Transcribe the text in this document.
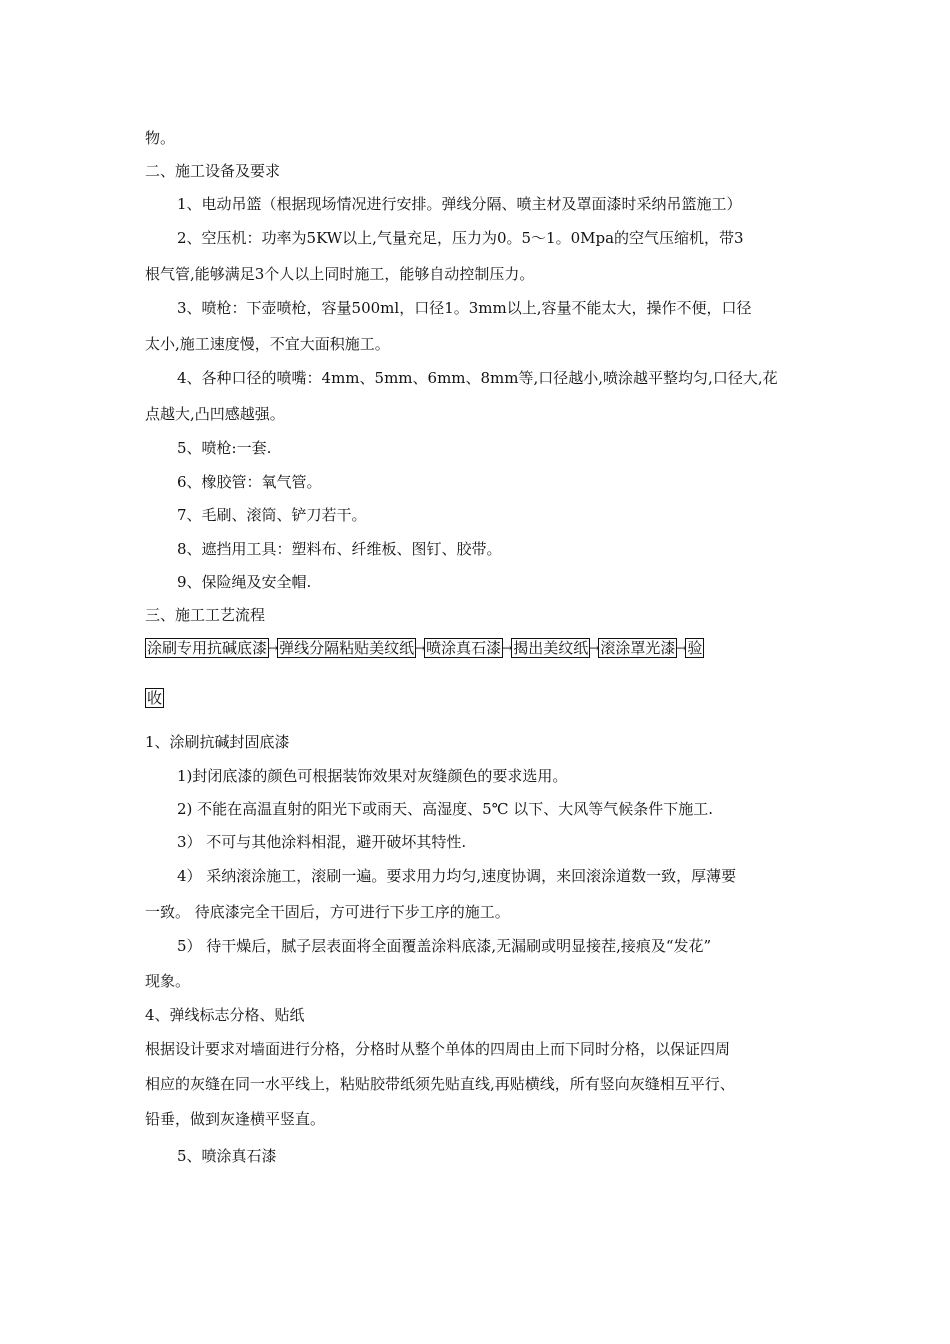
物。
二、施工设备及要求
1、电动吊篮（根据现场情况进行安排。弹线分隔、喷主材及罩面漆时采纳吊篮施工）
2、空压机：功率为5KW以上,气量充足，压力为0。5～1。0Mpa的空气压缩机，带3
根气管,能够满足3个人以上同时施工，能够自动控制压力。
3、喷枪：下壶喷枪，容量500ml，口径1。3mm以上,容量不能太大，操作不便，口径
太小,施工速度慢，不宜大面积施工。
4、各种口径的喷嘴：4mm、5mm、6mm、8mm等,口径越小,喷涂越平整均匀,口径大,花
点越大,凸凹感越强。
5、喷枪:一套.
6、橡胶管：氧气管。
7、毛刷、滚筒、铲刀若干。
8、遮挡用工具：塑料布、纤维板、图钉、胶带。
9、保险绳及安全帽.
三、施工工艺流程
涂刷专用抗碱底漆→弹线分隔粘贴美纹纸→喷涂真石漆→揭出美纹纸→滚涂罩光漆→验
收
1、涂刷抗碱封固底漆
1)封闭底漆的颜色可根据装饰效果对灰缝颜色的要求选用。
2) 不能在高温直射的阳光下或雨天、高湿度、5℃ 以下、大风等气候条件下施工.
3） 不可与其他涂料相混，避开破坏其特性.
4） 采纳滚涂施工，滚刷一遍。要求用力均匀,速度协调，来回滚涂道数一致，厚薄要
一致。 待底漆完全干固后，方可进行下步工序的施工。
5） 待干燥后，腻子层表面将全面覆盖涂料底漆,无漏刷或明显接茬,接痕及“发花”
现象。
4、弹线标志分格、贴纸
根据设计要求对墙面进行分格，分格时从整个单体的四周由上而下同时分格，以保证四周
相应的灰缝在同一水平线上，粘贴胶带纸须先贴直线,再贴横线，所有竖向灰缝相互平行、
铅垂，做到灰逢横平竖直。
5、喷涂真石漆
